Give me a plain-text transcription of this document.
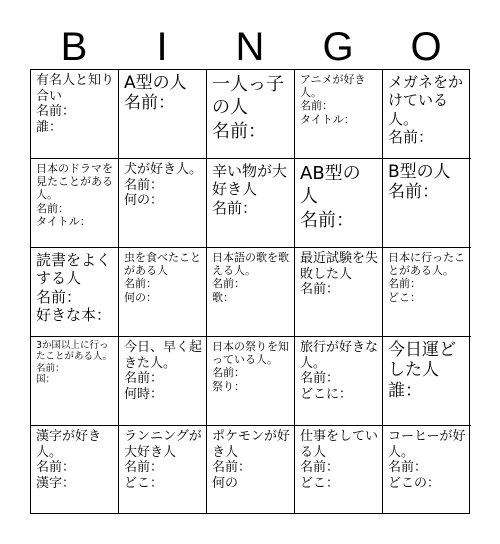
B	I	N	G	O
有名人と知り合い
名前：
誰：
A型の人
名前：
一人っ子の人
名前：
アニメが好き人。
名前：
タイトル：
メガネをかけている人。
名前：
日本のドラマを見たことがある人。
名前：
タイトル：
犬が好き人。
名前：
何の：
辛い物が大好き人
名前：
AB型の人
名前：
B型の人
名前：
読書をよくする人
名前：
好きな本：
虫を食べたことがある人
名前：
何の：
日本語の歌を歌える人。
名前：
歌：
最近試験を失敗した人
名前：
日本に行ったことがある人。
名前：
どこ：
3か国以上に行ったことがある人。
名前：
国：
今日、早く起きた人。
名前：
何時：
日本の祭りを知っている人。
名前：
祭り：
旅行が好きな人。
名前：
どこに：
今日運どした人
誰：
漢字が好き人。
名前：
漢字：
ランニングが大好き人
名前：
どこ：
ポケモンが好き人
名前：
何の
仕事をしている人
名前：
どこ：
コーヒーが好人。
名前：
どこの：
